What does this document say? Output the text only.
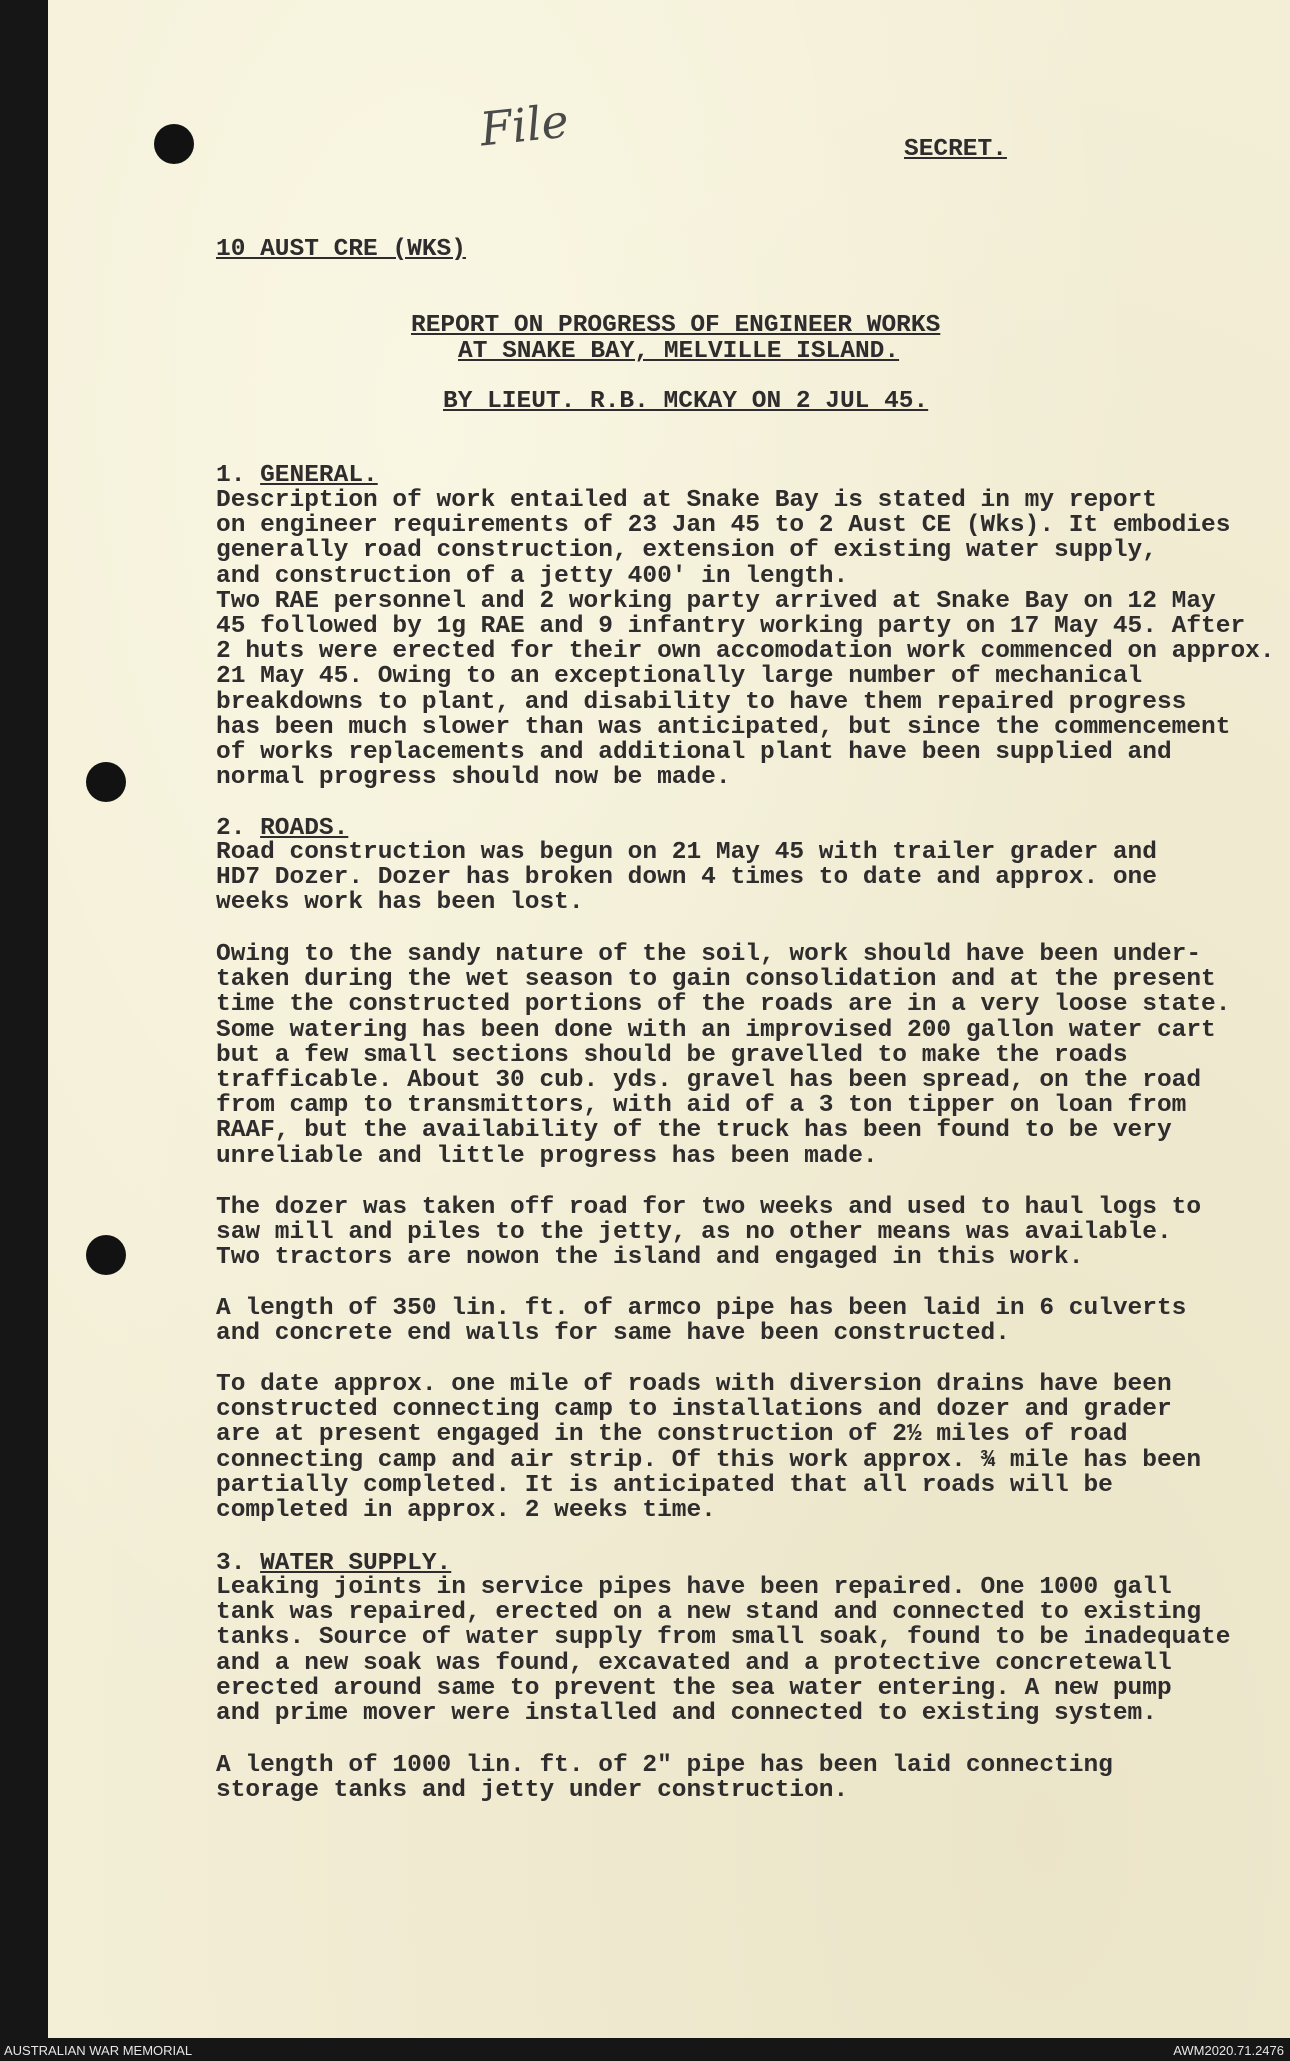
File	SECRET.

10 AUST CRE (WKS)

REPORT ON PROGRESS OF ENGINEER WORKS

AT SNAKE BAY, MELVILLE ISLAND.

BY LIEUT. R.B. MCKAY ON 2 JUL 45.

1. GENERAL.

Description of work entailed at Snake Bay is stated in my report
on engineer requirements of 23 Jan 45 to 2 Aust CE (Wks). It embodies
generally road construction, extension of existing water supply,
and construction of a jetty 400' in length.
Two RAE personnel and 2 working party arrived at Snake Bay on 12 May
45 followed by 1g RAE and 9 infantry working party on 17 May 45. After
2 huts were erected for their own accomodation work commenced on approx.
21 May 45. Owing to an exceptionally large number of mechanical
breakdowns to plant, and disability to have them repaired progress
has been much slower than was anticipated, but since the commencement
of works replacements and additional plant have been supplied and
normal progress should now be made.

2. ROADS.

Road construction was begun on 21 May 45 with trailer grader and
HD7 Dozer. Dozer has broken down 4 times to date and approx. one
weeks work has been lost.
Owing to the sandy nature of the soil, work should have been under-
taken during the wet season to gain consolidation and at the present
time the constructed portions of the roads are in a very loose state.
Some watering has been done with an improvised 200 gallon water cart
but a few small sections should be gravelled to make the roads
trafficable. About 30 cub. yds. gravel has been spread, on the road
from camp to transmittors, with aid of a 3 ton tipper on loan from
RAAF, but the availability of the truck has been found to be very
unreliable and little progress has been made.
The dozer was taken off road for two weeks and used to haul logs to
saw mill and piles to the jetty, as no other means was available.
Two tractors are nowon the island and engaged in this work.
A length of 350 lin. ft. of armco pipe has been laid in 6 culverts
and concrete end walls for same have been constructed.
To date approx. one mile of roads with diversion drains have been
constructed connecting camp to installations and dozer and grader
are at present engaged in the construction of 2½ miles of road
connecting camp and air strip. Of this work approx. ¾ mile has been
partially completed. It is anticipated that all roads will be
completed in approx. 2 weeks time.

3. WATER SUPPLY.

Leaking joints in service pipes have been repaired. One 1000 gall
tank was repaired, erected on a new stand and connected to existing
tanks. Source of water supply from small soak, found to be inadequate
and a new soak was found, excavated and a protective concretewall
erected around same to prevent the sea water entering. A new pump
and prime mover were installed and connected to existing system.
A length of 1000 lin. ft. of 2" pipe has been laid connecting
storage tanks and jetty under construction.
AUSTRALIAN WAR MEMORIAL	AWM2020.71.2476
